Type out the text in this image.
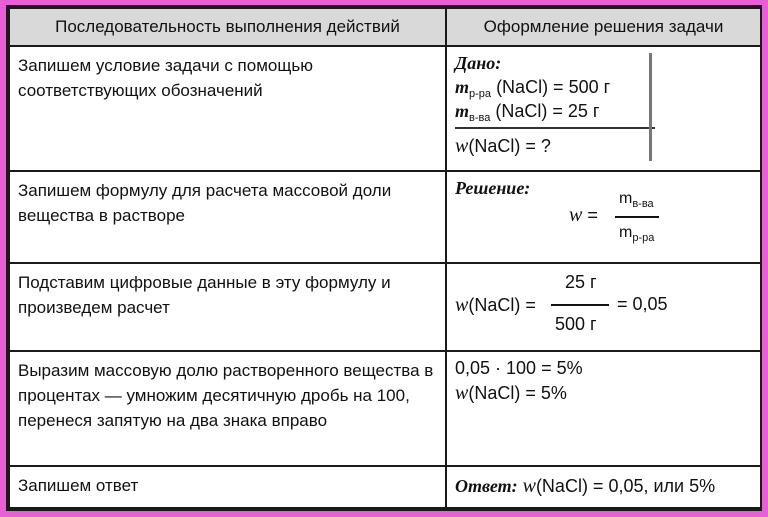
Последовательность выполнения действий	Оформление решения задачи
Запишем условие задачи с помощью соответствующих обозначений	Дано:
$m_{р-ра}$ (NaCl) = 500 г
$m_{в-ва}$ (NaCl) = 25 г
w(NaCl) = ?

Запишем формулу для расчета массовой доли вещества в растворе	Решение:
w =
$m_{в-ва}$
$m_{р-ра}$

Подставим цифровые данные в эту формулу и произведем расчет	w(NaCl) =
25 г
500 г
= 0,05

Выразим массовую долю растворенного вещества в процентах — умножим десятичную дробь на 100, перенеся запятую на два знака вправо	0,05 · 100 = 5%
w(NaCl) = 5%

Запишем ответ	Ответ: w(NaCl) = 0,05, или 5%
